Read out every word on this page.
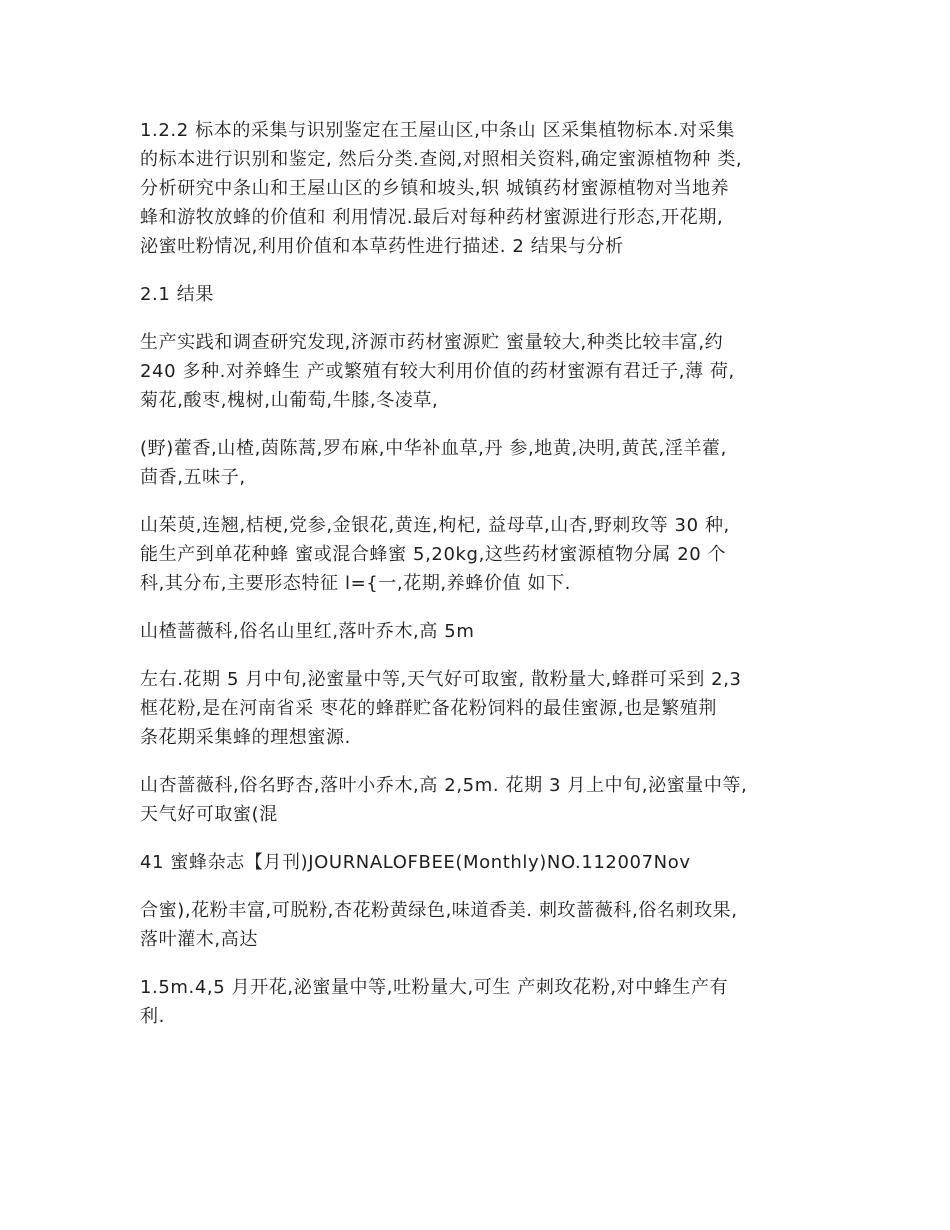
1.2.2 标本的采集与识别鉴定在王屋山区,中条山 区采集植物标本.对采集
的标本进行识别和鉴定, 然后分类.查阅,对照相关资料,确定蜜源植物种 类,
分析研究中条山和王屋山区的乡镇和坡头,轵 城镇药材蜜源植物对当地养
蜂和游牧放蜂的价值和 利用情况.最后对每种药材蜜源进行形态,开花期,
泌蜜吐粉情况,利用价值和本草药性进行描述. 2 结果与分析

2.1 结果

生产实践和调查研究发现,济源市药材蜜源贮 蜜量较大,种类比较丰富,约
240 多种.对养蜂生 产或繁殖有较大利用价值的药材蜜源有君迁子,薄 荷,
菊花,酸枣,槐树,山葡萄,牛膝,冬凌草,

(野)藿香,山楂,茵陈蒿,罗布麻,中华补血草,丹 参,地黄,决明,黄芪,淫羊藿,
茴香,五味子,

山茱萸,连翘,桔梗,党参,金银花,黄连,枸杞, 益母草,山杏,野刺玫等 30 种,
能生产到单花种蜂 蜜或混合蜂蜜 5,20kg,这些药材蜜源植物分属 20 个
科,其分布,主要形态特征 l={一,花期,养蜂价值 如下.

山楂蔷薇科,俗名山里红,落叶乔木,高 5m

左右.花期 5 月中旬,泌蜜量中等,天气好可取蜜, 散粉量大,蜂群可采到 2,3
框花粉,是在河南省采 枣花的蜂群贮备花粉饲料的最佳蜜源,也是繁殖荆
条花期采集蜂的理想蜜源.

山杏蔷薇科,俗名野杏,落叶小乔木,高 2,5m. 花期 3 月上中旬,泌蜜量中等,
天气好可取蜜(混

41 蜜蜂杂志【月刊)JOURNALOFBEE(Monthly)NO.112007Nov

合蜜),花粉丰富,可脱粉,杏花粉黄绿色,味道香美. 刺玫蔷薇科,俗名刺玫果,
落叶灌木,高达

1.5m.4,5 月开花,泌蜜量中等,吐粉量大,可生 产刺玫花粉,对中蜂生产有
利.
